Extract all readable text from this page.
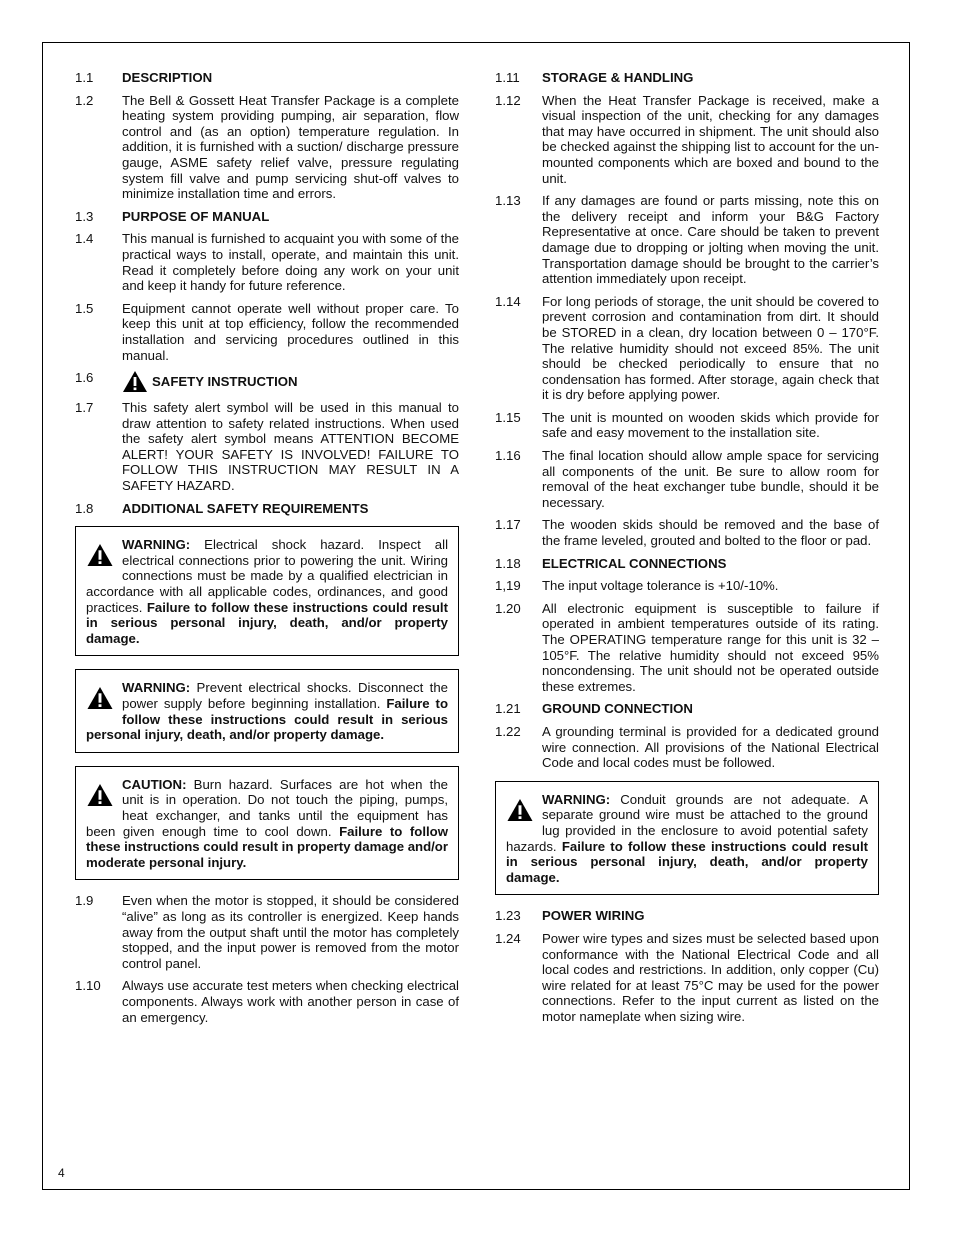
1.1	DESCRIPTION
1.2	The Bell & Gossett Heat Transfer Package is a complete heating system providing pumping, air separation, flow control and (as an option) temperature regulation. In addition, it is furnished with a suction/ discharge pressure gauge, ASME safety relief valve, pressure regulating system fill valve and pump servicing shut-off valves to minimize installation time and errors.
1.3	PURPOSE OF MANUAL
1.4	This manual is furnished to acquaint you with some of the practical ways to install, operate, and maintain this unit. Read it completely before doing any work on your unit and keep it handy for future reference.
1.5	Equipment cannot operate well without proper care. To keep this unit at top efficiency, follow the recommended installation and servicing procedures outlined in this manual.
1.6	SAFETY INSTRUCTION
1.7	This safety alert symbol will be used in this manual to draw attention to safety related instructions. When used the safety alert symbol means ATTENTION BECOME ALERT! YOUR SAFETY IS INVOLVED! FAILURE TO FOLLOW THIS INSTRUCTION MAY RESULT IN A SAFETY HAZARD.
1.8	ADDITIONAL SAFETY REQUIREMENTS
WARNING: Electrical shock hazard. Inspect all electrical connections prior to powering the unit. Wiring connections must be made by a qualified electrician in accordance with all applicable codes, ordinances, and good practices. Failure to follow these instructions could result in serious personal injury, death, and/or property damage.
WARNING: Prevent electrical shocks. Disconnect the power supply before beginning installation. Failure to follow these instructions could result in serious personal injury, death, and/or property damage.
CAUTION: Burn hazard. Surfaces are hot when the unit is in operation. Do not touch the piping, pumps, heat exchanger, and tanks until the equipment has been given enough time to cool down. Failure to follow these instructions could result in property damage and/or moderate personal injury.
1.9	Even when the motor is stopped, it should be considered “alive” as long as its controller is energized. Keep hands away from the output shaft until the motor has completely stopped, and the input power is removed from the motor control panel.
1.10	Always use accurate test meters when checking electrical components. Always work with another person in case of an emergency.
1.11	STORAGE & HANDLING
1.12	When the Heat Transfer Package is received, make a visual inspection of the unit, checking for any damages that may have occurred in shipment. The unit should also be checked against the shipping list to account for the un-mounted components which are boxed and bound to the unit.
1.13	If any damages are found or parts missing, note this on the delivery receipt and inform your B&G Factory Representative at once. Care should be taken to prevent damage due to dropping or jolting when moving the unit. Transportation damage should be brought to the carrier’s attention immediately upon receipt.
1.14	For long periods of storage, the unit should be covered to prevent corrosion and contamination from dirt. It should be STORED in a clean, dry location between 0 – 170°F. The relative humidity should not exceed 85%. The unit should be checked periodically to ensure that no condensation has formed. After storage, again check that it is dry before applying power.
1.15	The unit is mounted on wooden skids which provide for safe and easy movement to the installation site.
1.16	The final location should allow ample space for servicing all components of the unit. Be sure to allow room for removal of the heat exchanger tube bundle, should it be necessary.
1.17	The wooden skids should be removed and the base of the frame leveled, grouted and bolted to the floor or pad.
1.18	ELECTRICAL CONNECTIONS
1,19	The input voltage tolerance is +10/-10%.
1.20	All electronic equipment is susceptible to failure if operated in ambient temperatures outside of its rating. The OPERATING temperature range for this unit is 32 – 105°F. The relative humidity should not exceed 95% noncondensing. The unit should not be operated outside these extremes.
1.21	GROUND CONNECTION
1.22	A grounding terminal is provided for a dedicated ground wire connection. All provisions of the National Electrical Code and local codes must be followed.
WARNING: Conduit grounds are not adequate. A separate ground wire must be attached to the ground lug provided in the enclosure to avoid potential safety hazards. Failure to follow these instructions could result in serious personal injury, death, and/or property damage.
1.23	POWER WIRING
1.24	Power wire types and sizes must be selected based upon conformance with the National Electrical Code and all local codes and restrictions. In addition, only copper (Cu) wire related for at least 75°C may be used for the power connections. Refer to the input current as listed on the motor nameplate when sizing wire.
4
